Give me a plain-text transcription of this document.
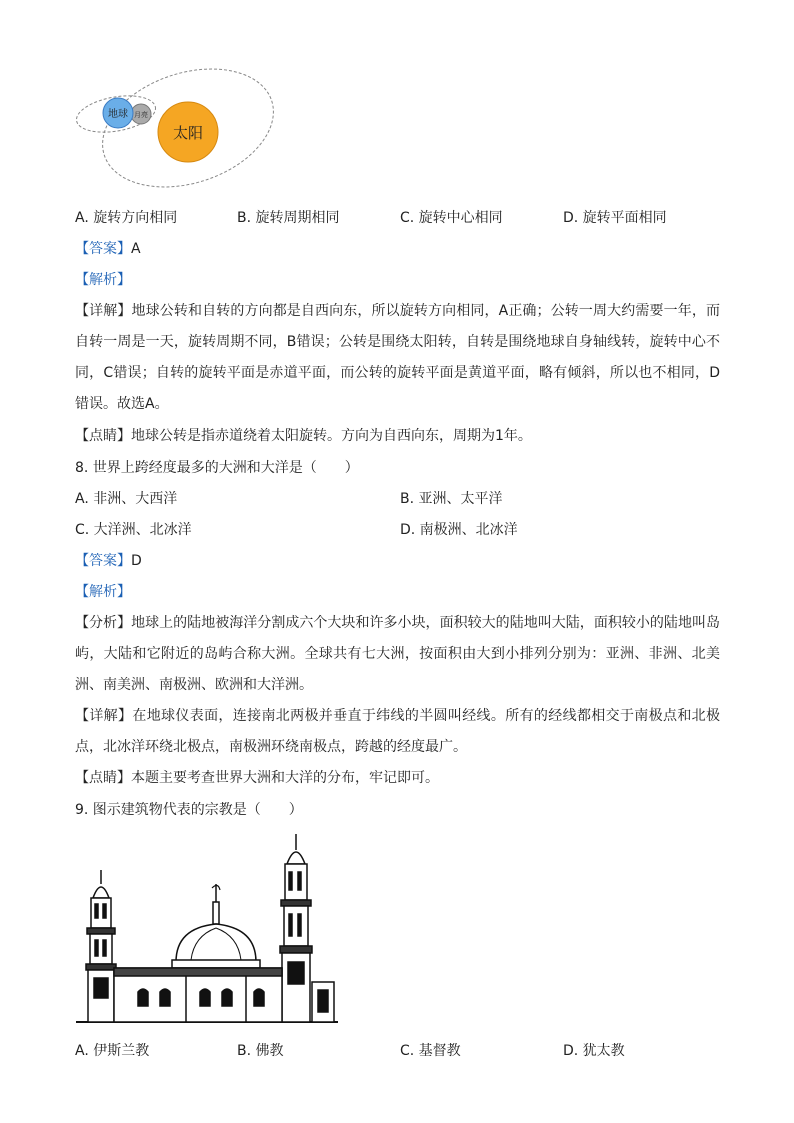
地球 月亮
太阳
A. 旋转方向相同	B. 旋转周期相同	C. 旋转中心相同	D. 旋转平面相同
【答案】A
【解析】
【详解】地球公转和自转的方向都是自西向东，所以旋转方向相同，A正确；公转一周大约需要一年，而自转一周是一天，旋转周期不同，B错误；公转是围绕太阳转，自转是围绕地球自身轴线转，旋转中心不同，C错误；自转的旋转平面是赤道平面，而公转的旋转平面是黄道平面，略有倾斜，所以也不相同，D错误。故选A。
【点睛】地球公转是指赤道绕着太阳旋转。方向为自西向东，周期为1年。
8. 世界上跨经度最多的大洲和大洋是（　　）
A. 非洲、大西洋	B. 亚洲、太平洋
C. 大洋洲、北冰洋	D. 南极洲、北冰洋
【答案】D
【解析】
【分析】地球上的陆地被海洋分割成六个大块和许多小块，面积较大的陆地叫大陆，面积较小的陆地叫岛屿，大陆和它附近的岛屿合称大洲。全球共有七大洲，按面积由大到小排列分别为：亚洲、非洲、北美洲、南美洲、南极洲、欧洲和大洋洲。
【详解】在地球仪表面，连接南北两极并垂直于纬线的半圆叫经线。所有的经线都相交于南极点和北极点，北冰洋环绕北极点，南极洲环绕南极点，跨越的经度最广。
【点睛】本题主要考查世界大洲和大洋的分布，牢记即可。
9. 图示建筑物代表的宗教是（　　）
A. 伊斯兰教	B. 佛教	C. 基督教	D. 犹太教
